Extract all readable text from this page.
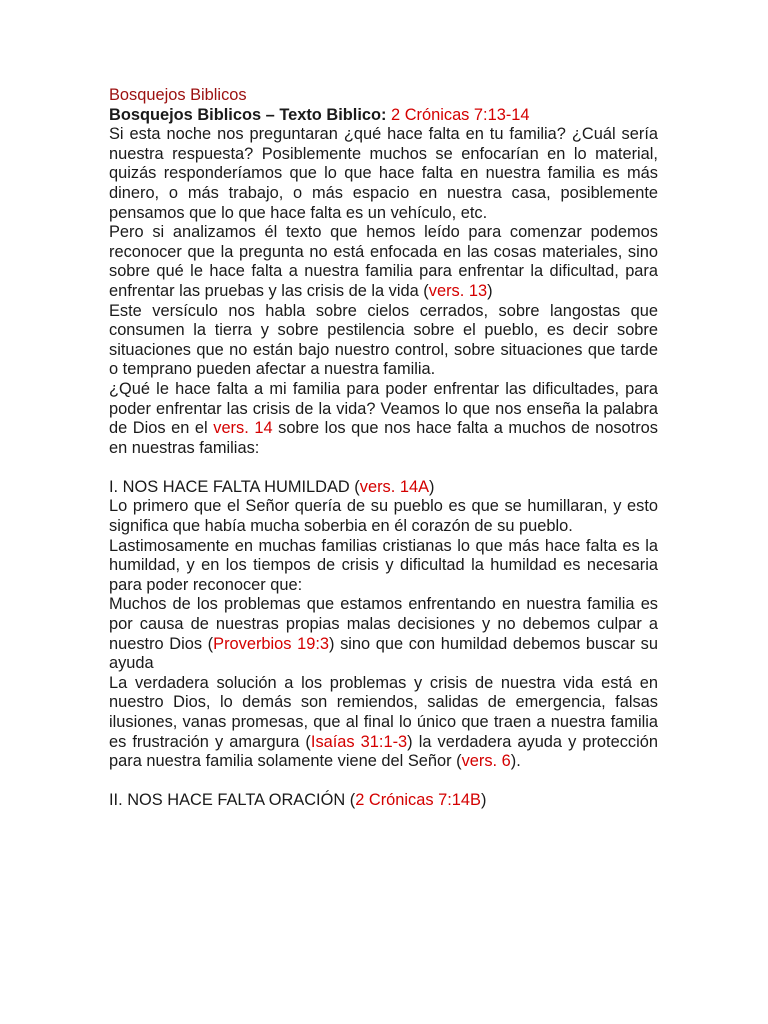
Bosquejos Biblicos

Bosquejos Biblicos – Texto Biblico: 2 Crónicas 7:13-14

Si esta noche nos preguntaran ¿qué hace falta en tu familia? ¿Cuál sería nuestra respuesta? Posiblemente muchos se enfocarían en lo material, quizás responderíamos que lo que hace falta en nuestra familia es más dinero, o más trabajo, o más espacio en nuestra casa, posiblemente pensamos que lo que hace falta es un vehículo, etc.

Pero si analizamos él texto que hemos leído para comenzar podemos reconocer que la pregunta no está enfocada en las cosas materiales, sino sobre qué le hace falta a nuestra familia para enfrentar la dificultad, para enfrentar las pruebas y las crisis de la vida (vers. 13)

Este versículo nos habla sobre cielos cerrados, sobre langostas que consumen la tierra y sobre pestilencia sobre el pueblo, es decir sobre situaciones que no están bajo nuestro control, sobre situaciones que tarde o temprano pueden afectar a nuestra familia.

¿Qué le hace falta a mi familia para poder enfrentar las dificultades, para poder enfrentar las crisis de la vida? Veamos lo que nos enseña la palabra de Dios en el vers. 14 sobre los que nos hace falta a muchos de nosotros en nuestras familias:

I. NOS HACE FALTA HUMILDAD (vers. 14A)

Lo primero que el Señor quería de su pueblo es que se humillaran, y esto significa que había mucha soberbia en él corazón de su pueblo.

Lastimosamente en muchas familias cristianas lo que más hace falta es la humildad, y en los tiempos de crisis y dificultad la humildad es necesaria para poder reconocer que:

Muchos de los problemas que estamos enfrentando en nuestra familia es por causa de nuestras propias malas decisiones y no debemos culpar a nuestro Dios (Proverbios 19:3) sino que con humildad debemos buscar su ayuda

La verdadera solución a los problemas y crisis de nuestra vida está en nuestro Dios, lo demás son remiendos, salidas de emergencia, falsas ilusiones, vanas promesas, que al final lo único que traen a nuestra familia es frustración y amargura (Isaías 31:1-3) la verdadera ayuda y protección para nuestra familia solamente viene del Señor (vers. 6).

II. NOS HACE FALTA ORACIÓN (2 Crónicas 7:14B)
